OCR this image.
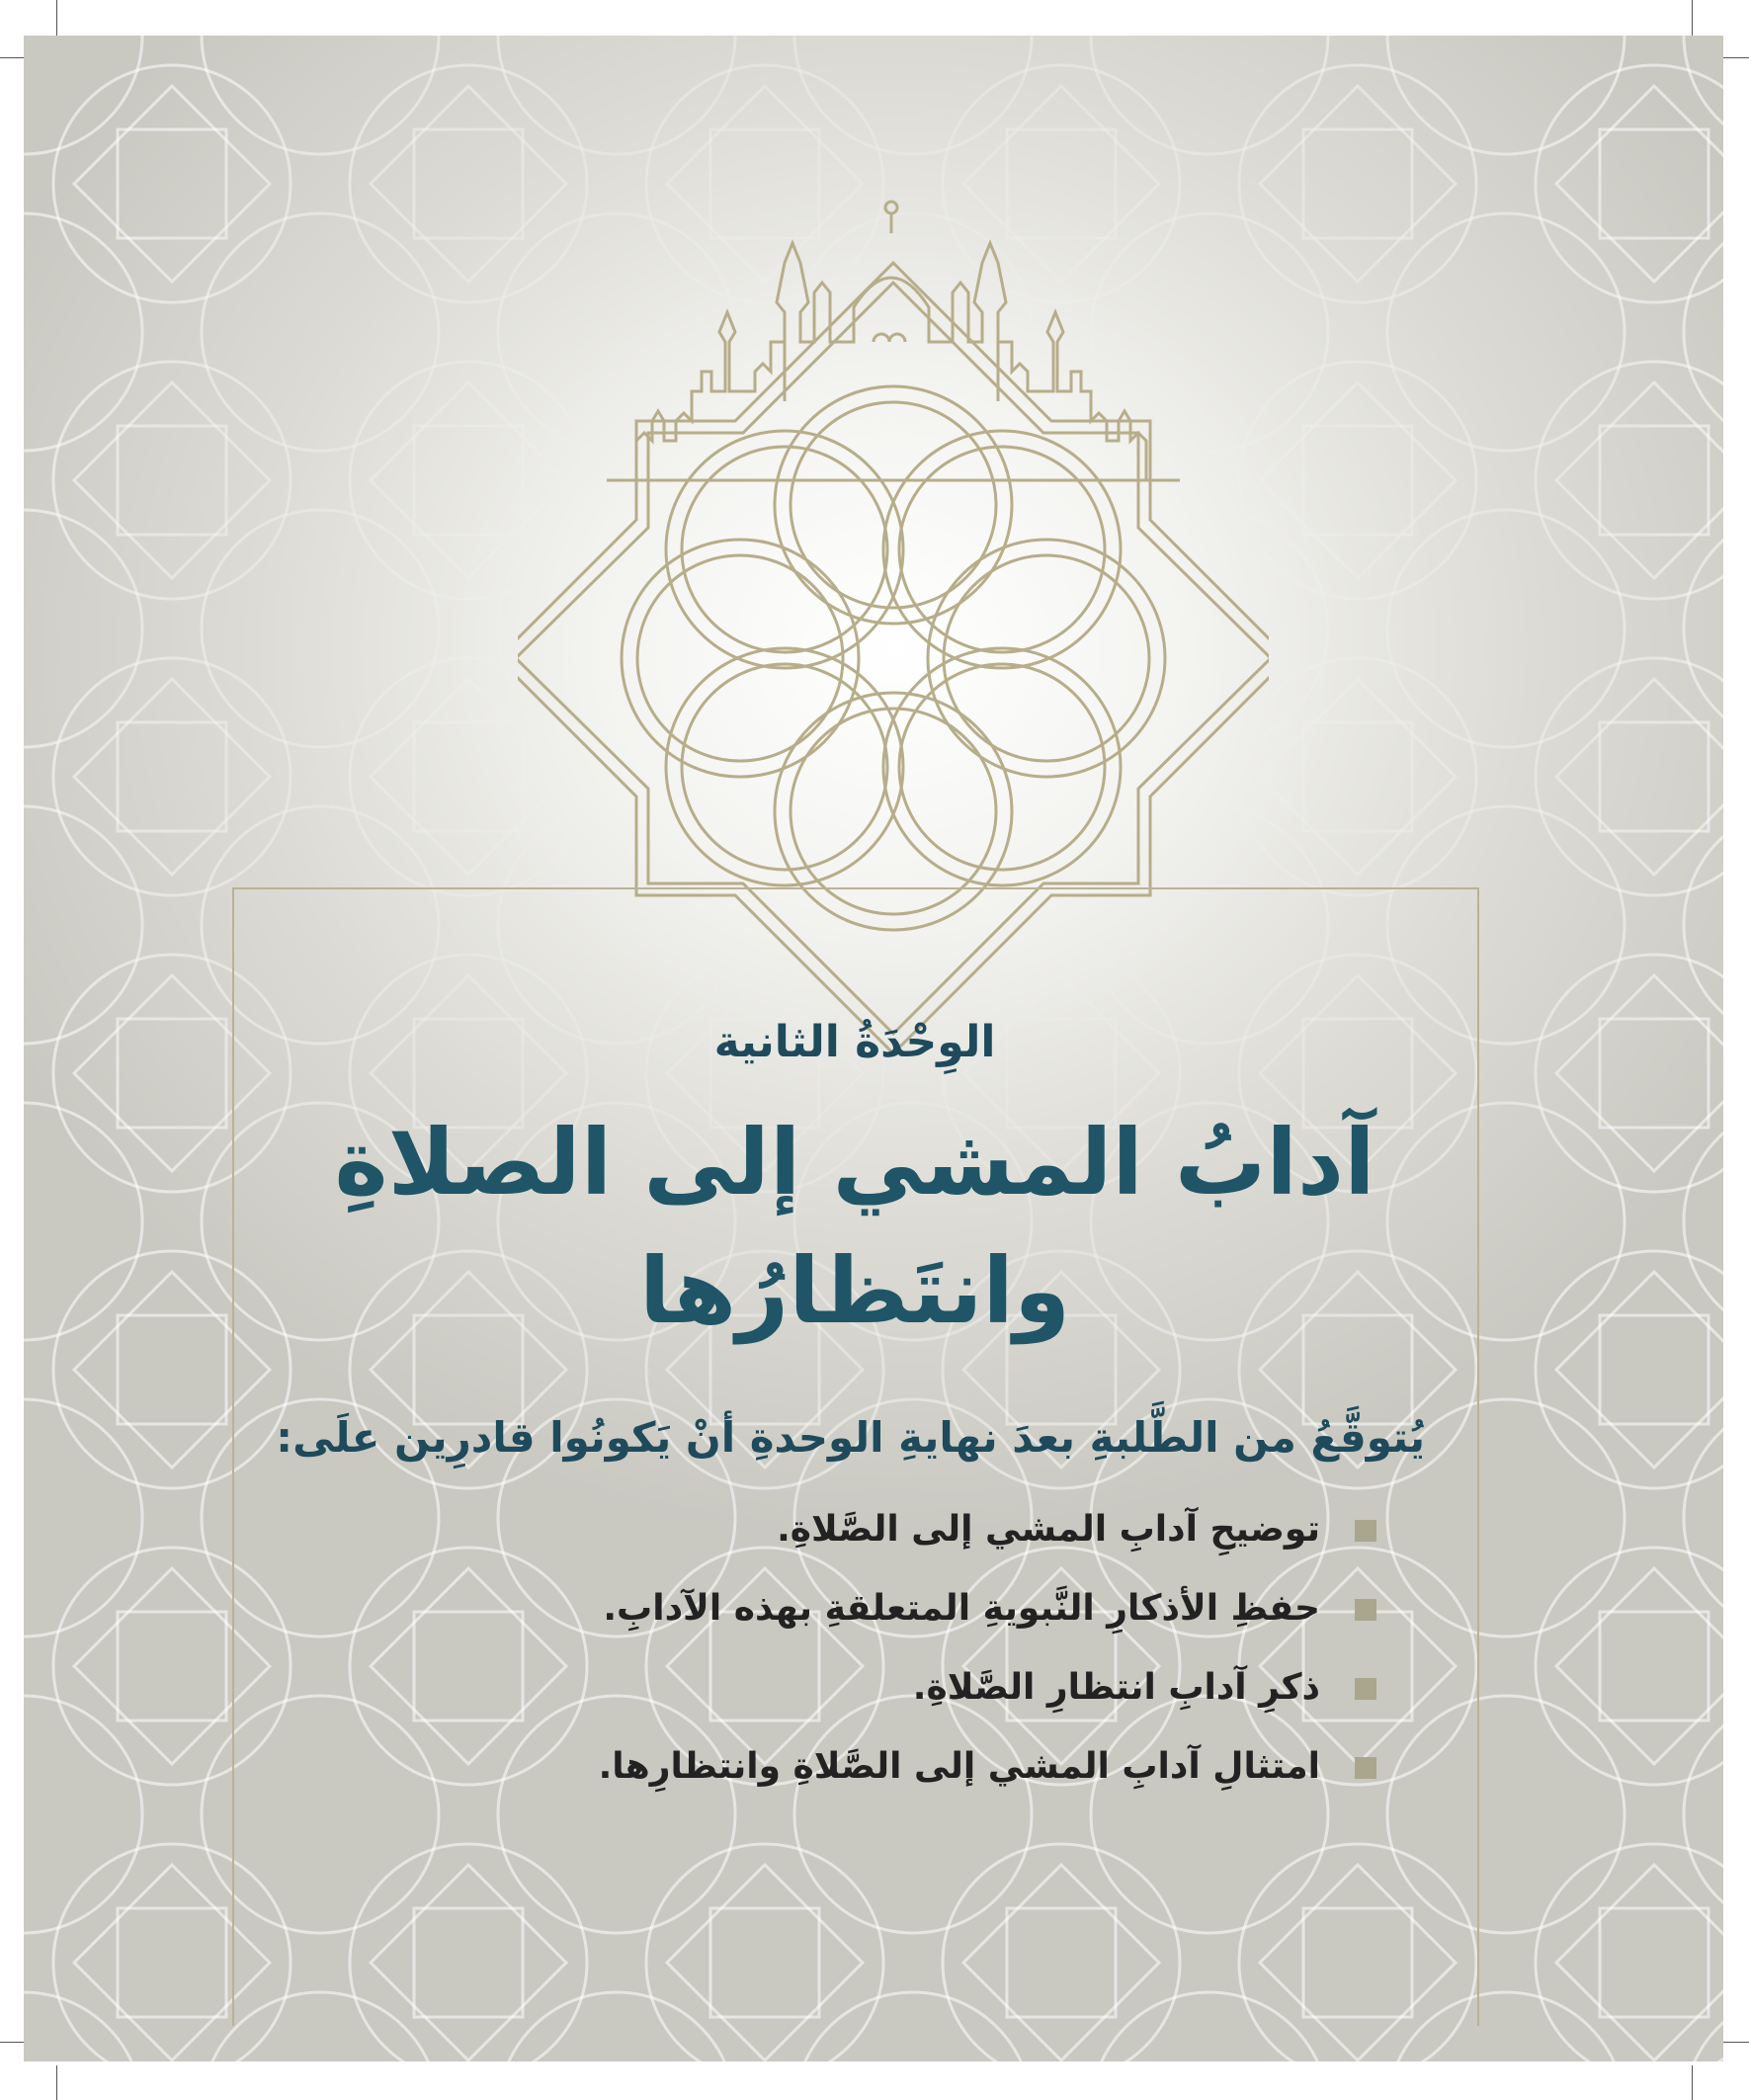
الوِحْدَةُ الثانية

آدابُ المشي إلى الصلاةِ
وانتَظارُها

يُتوقَّعُ من الطَّلبةِ بعدَ نهايةِ الوحدةِ أنْ يَكونُوا قادرِين علَى:

توضيحِ آدابِ المشي إلى الصَّلاةِ.
حفظِ الأذكارِ النَّبويةِ المتعلقةِ بهذه الآدابِ.
ذكرِ آدابِ انتظارِ الصَّلاةِ.
امتثالِ آدابِ المشي إلى الصَّلاةِ وانتظارِها.
